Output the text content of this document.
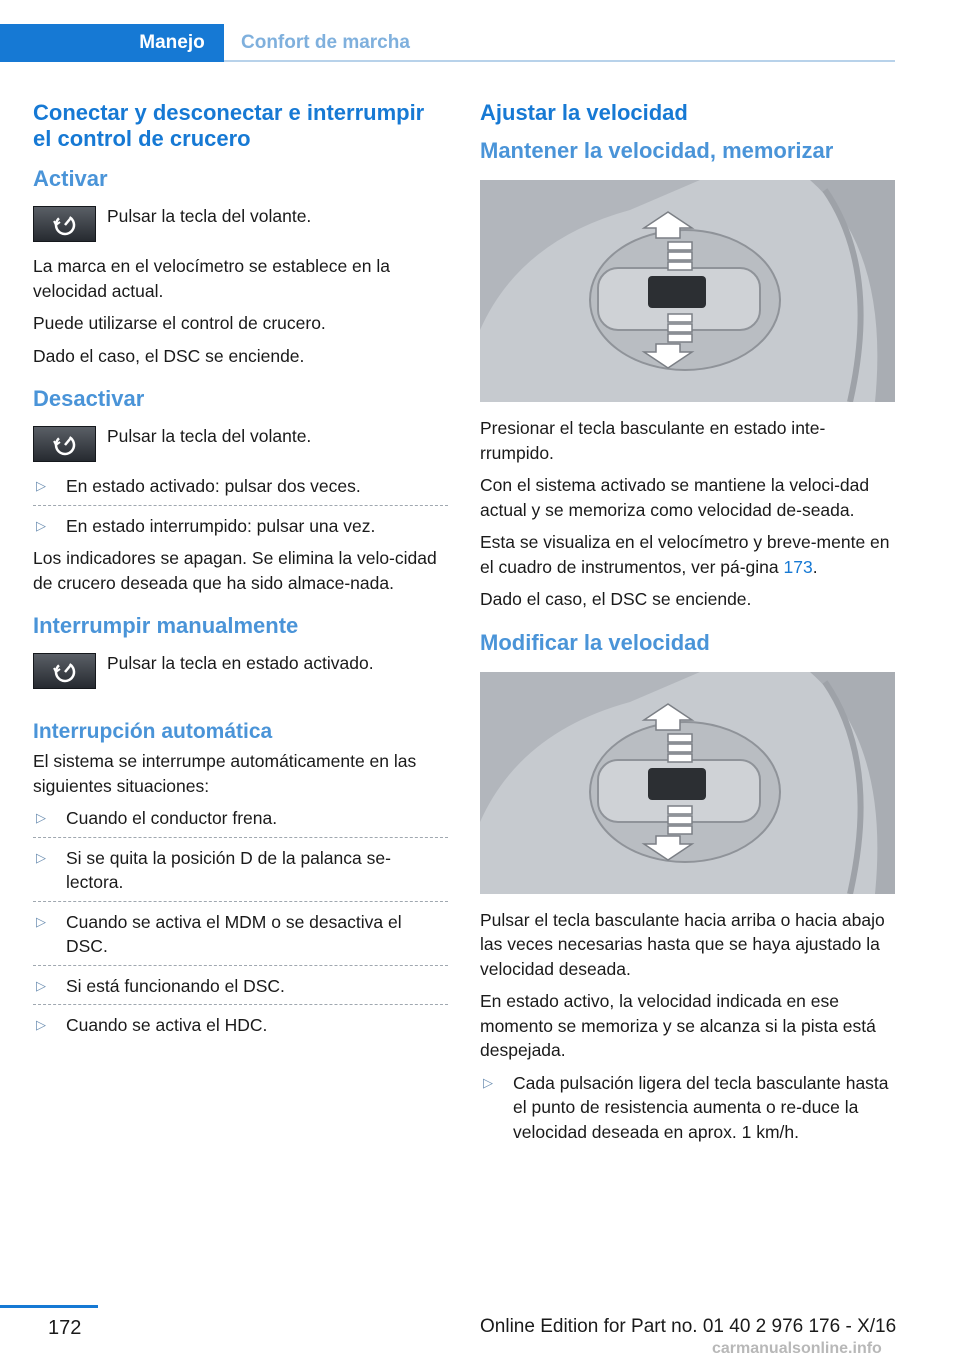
Manejo	Confort de marcha
Conectar y desconectar e interrumpir el control de crucero
Activar

Pulsar la tecla del volante.

La marca en el velocímetro se establece en la velocidad actual.

Puede utilizarse el control de crucero.

Dado el caso, el DSC se enciende.

Desactivar

Pulsar la tecla del volante.

▷ En estado activado: pulsar dos veces.
▷ En estado interrumpido: pulsar una vez.

Los indicadores se apagan. Se elimina la velo‐cidad de crucero deseada que ha sido almace‐nada.

Interrumpir manualmente

Pulsar la tecla en estado activado.

Interrupción automática

El sistema se interrumpe automáticamente en las siguientes situaciones:

▷ Cuando el conductor frena.
▷ Si se quita la posición D de la palanca se‐lectora.
▷ Cuando se activa el MDM o se desactiva el DSC.
▷ Si está funcionando el DSC.
▷ Cuando se activa el HDC.
Ajustar la velocidad
Mantener la velocidad, memorizar

Presionar el tecla basculante en estado inte‐rrumpido.

Con el sistema activado se mantiene la veloci‐dad actual y se memoriza como velocidad de‐seada.

Esta se visualiza en el velocímetro y breve‐mente en el cuadro de instrumentos, ver pá‐gina 173.

Dado el caso, el DSC se enciende.

Modificar la velocidad

Pulsar el tecla basculante hacia arriba o hacia abajo las veces necesarias hasta que se haya ajustado la velocidad deseada.

En estado activo, la velocidad indicada en ese momento se memoriza y se alcanza si la pista está despejada.

▷ Cada pulsación ligera del tecla basculante hasta el punto de resistencia aumenta o re‐duce la velocidad deseada en aprox. 1 km/h.
172	Online Edition for Part no. 01 40 2 976 176 - X/16
carmanualsonline.info
